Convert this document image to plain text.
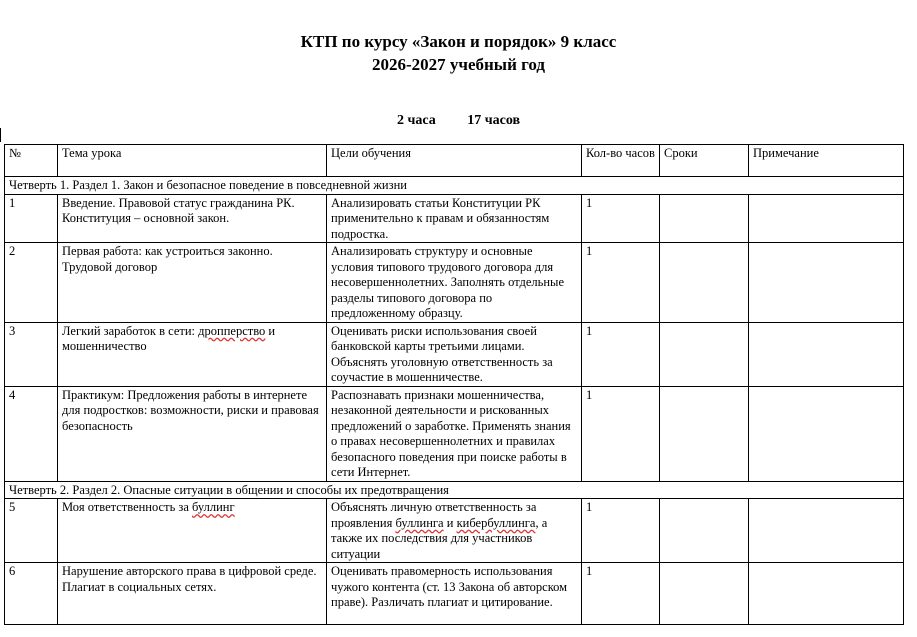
КТП по курсу «Закон и порядок» 9 класс
2026-2027 учебный год
2 часа 17 часов
№	Тема урока	Цели обучения	Кол-во часов	Сроки	Примечание
Четверть 1. Раздел 1. Закон и безопасное поведение в повседневной жизни					
1	Введение. Правовой статус гражданина РК. Конституция – основной закон.	Анализировать статьи Конституции РК применительно к правам и обязанностям подростка.	1		
2	Первая работа: как устроиться законно. Трудовой договор	Анализировать структуру и основные условия типового трудового договора для несовершеннолетних. Заполнять отдельные разделы типового договора по предложенному образцу.	1		
3	Легкий заработок в сети: дропперство и мошенничество	Оценивать риски использования своей банковской карты третьими лицами. Объяснять уголовную ответственность за соучастие в мошенничестве.	1		
4	Практикум: Предложения работы в интернете для подростков: возможности, риски и правовая безопасность	Распознавать признаки мошенничества, незаконной деятельности и рискованных предложений о заработке. Применять знания о правах несовершеннолетних и правилах безопасного поведения при поиске работы в сети Интернет.	1		
Четверть 2. Раздел 2. Опасные ситуации в общении и способы их предотвращения					
5	Моя ответственность за буллинг	Объяснять личную ответственность за проявления буллинга и кибербуллинга, а также их последствия для участников ситуации	1		
6	Нарушение авторского права в цифровой среде. Плагиат в социальных сетях.	Оценивать правомерность использования чужого контента (ст. 13 Закона об авторском праве). Различать плагиат и цитирование.	1		
